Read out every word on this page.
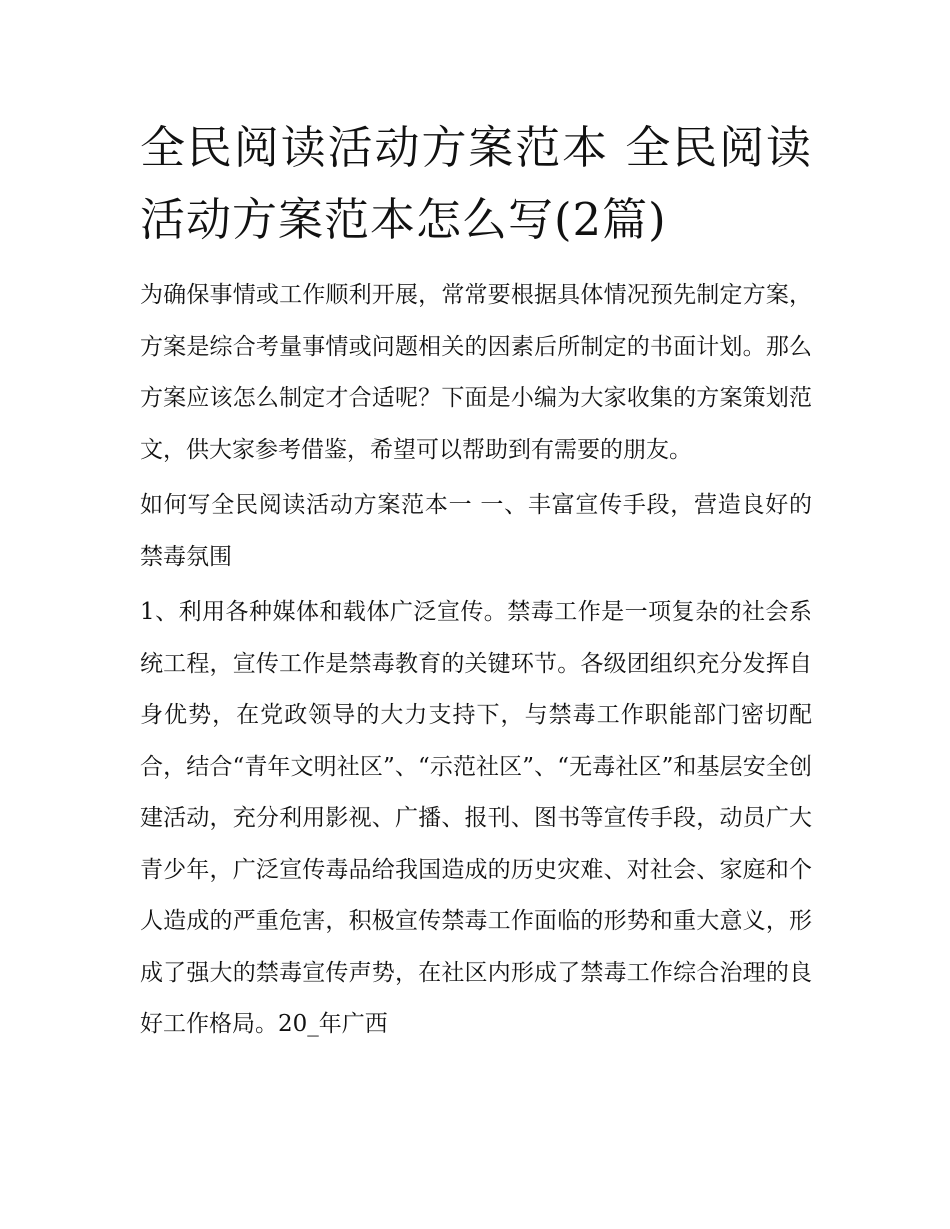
全民阅读活动方案范本 全民阅读活动方案范本怎么写(2篇)

为确保事情或工作顺利开展，常常要根据具体情况预先制定方案，方案是综合考量事情或问题相关的因素后所制定的书面计划。那么方案应该怎么制定才合适呢？下面是小编为大家收集的方案策划范文，供大家参考借鉴，希望可以帮助到有需要的朋友。

如何写全民阅读活动方案范本一 一、丰富宣传手段，营造良好的禁毒氛围

1、利用各种媒体和载体广泛宣传。禁毒工作是一项复杂的社会系统工程，宣传工作是禁毒教育的关键环节。各级团组织充分发挥自身优势，在党政领导的大力支持下，与禁毒工作职能部门密切配合，结合“青年文明社区”、“示范社区”、“无毒社区”和基层安全创建活动，充分利用影视、广播、报刊、图书等宣传手段，动员广大青少年，广泛宣传毒品给我国造成的历史灾难、对社会、家庭和个人造成的严重危害，积极宣传禁毒工作面临的形势和重大意义，形成了强大的禁毒宣传声势，在社区内形成了禁毒工作综合治理的良好工作格局。20_年广西
